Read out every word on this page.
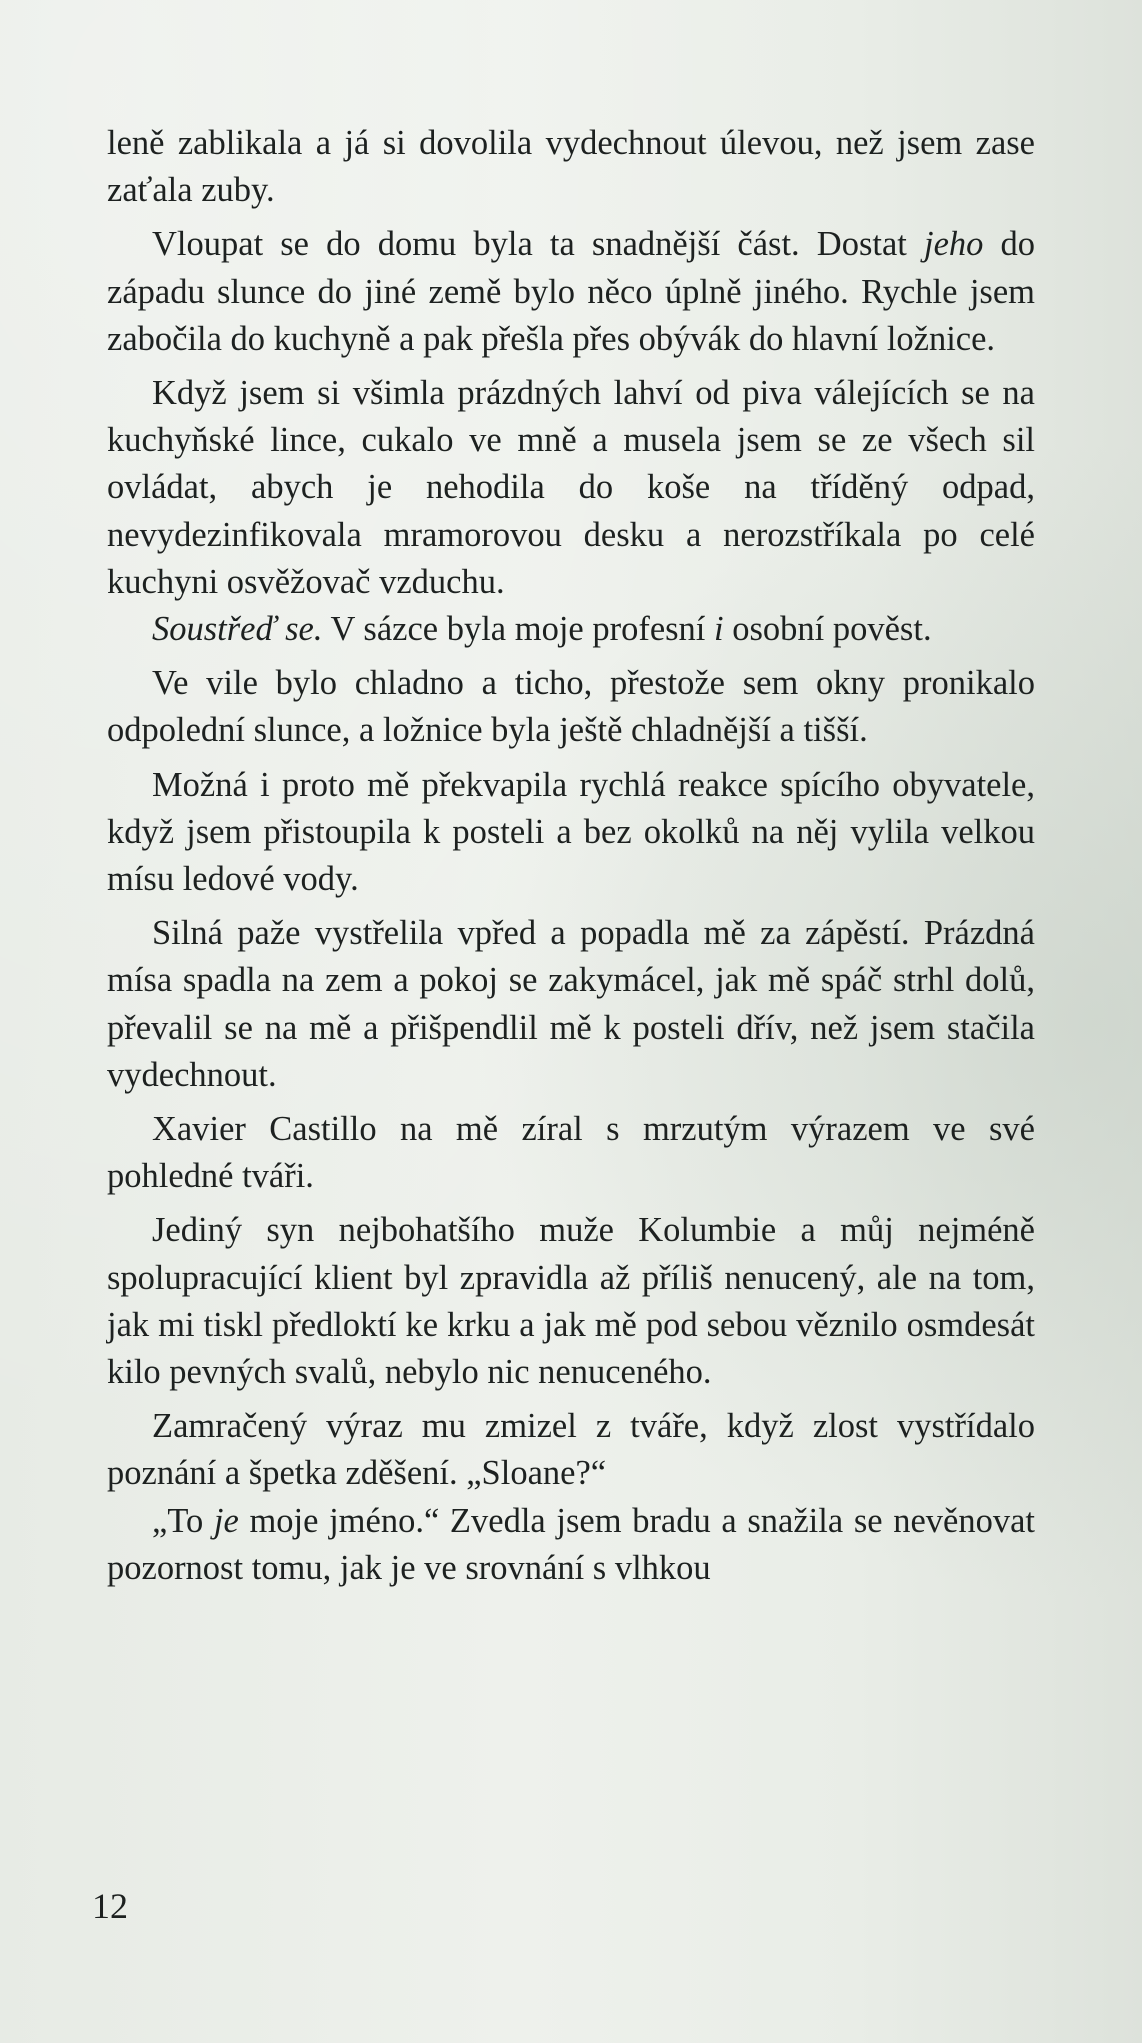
leně zablikala a já si dovolila vydechnout úlevou, než jsem zase zaťala zuby.

Vloupat se do domu byla ta snadnější část. Dostat jeho do západu slunce do jiné země bylo něco úplně jiného. Rychle jsem zabočila do kuchyně a pak přešla přes obývák do hlavní ložnice.

Když jsem si všimla prázdných lahví od piva válejících se na kuchyňské lince, cukalo ve mně a musela jsem se ze všech sil ovládat, abych je nehodila do koše na tříděný odpad, nevydezinfikovala mramorovou desku a nerozstříkala po celé kuchyni osvěžovač vzduchu.

Soustřeď se. V sázce byla moje profesní i osobní pověst.

Ve vile bylo chladno a ticho, přestože sem okny pronikalo odpolední slunce, a ložnice byla ještě chladnější a tišší.

Možná i proto mě překvapila rychlá reakce spícího obyvatele, když jsem přistoupila k posteli a bez okolků na něj vylila velkou mísu ledové vody.

Silná paže vystřelila vpřed a popadla mě za zápěstí. Prázdná mísa spadla na zem a pokoj se zakymácel, jak mě spáč strhl dolů, převalil se na mě a přišpendlil mě k posteli dřív, než jsem stačila vydechnout.

Xavier Castillo na mě zíral s mrzutým výrazem ve své pohledné tváři.

Jediný syn nejbohatšího muže Kolumbie a můj nejméně spolupracující klient byl zpravidla až příliš nenucený, ale na tom, jak mi tiskl předloktí ke krku a jak mě pod sebou věznilo osmdesát kilo pevných svalů, nebylo nic nenuceného.

Zamračený výraz mu zmizel z tváře, když zlost vystřídalo poznání a špetka zděšení. „Sloane?“

„To je moje jméno.“ Zvedla jsem bradu a snažila se nevěnovat pozornost tomu, jak je ve srovnání s vlhkou

12
